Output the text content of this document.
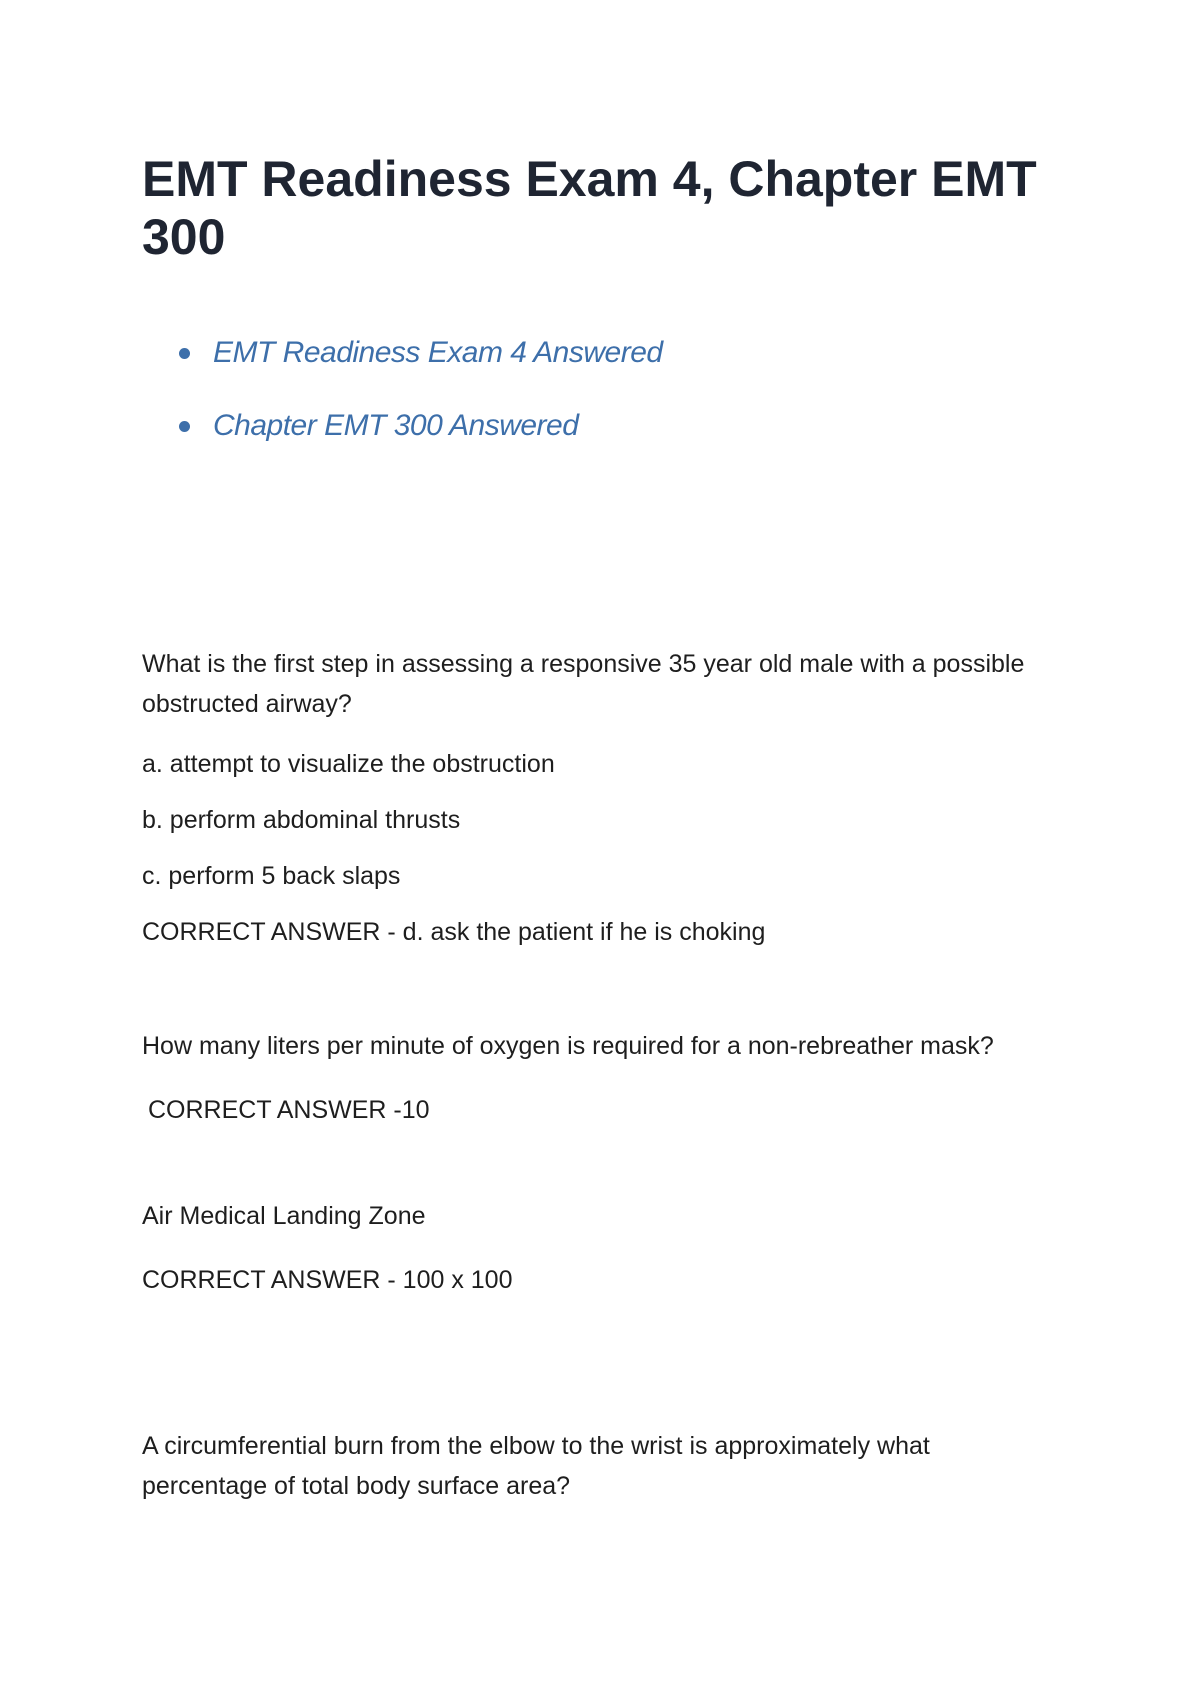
EMT Readiness Exam 4, Chapter EMT 300
EMT Readiness Exam 4 Answered
Chapter EMT 300 Answered

What is the first step in assessing a responsive 35 year old male with a possible obstructed airway?

a. attempt to visualize the obstruction

b. perform abdominal thrusts

c. perform 5 back slaps

CORRECT ANSWER - d. ask the patient if he is choking

How many liters per minute of oxygen is required for a non-rebreather mask?

CORRECT ANSWER -10

Air Medical Landing Zone

CORRECT ANSWER - 100 x 100

A circumferential burn from the elbow to the wrist is approximately what percentage of total body surface area?
